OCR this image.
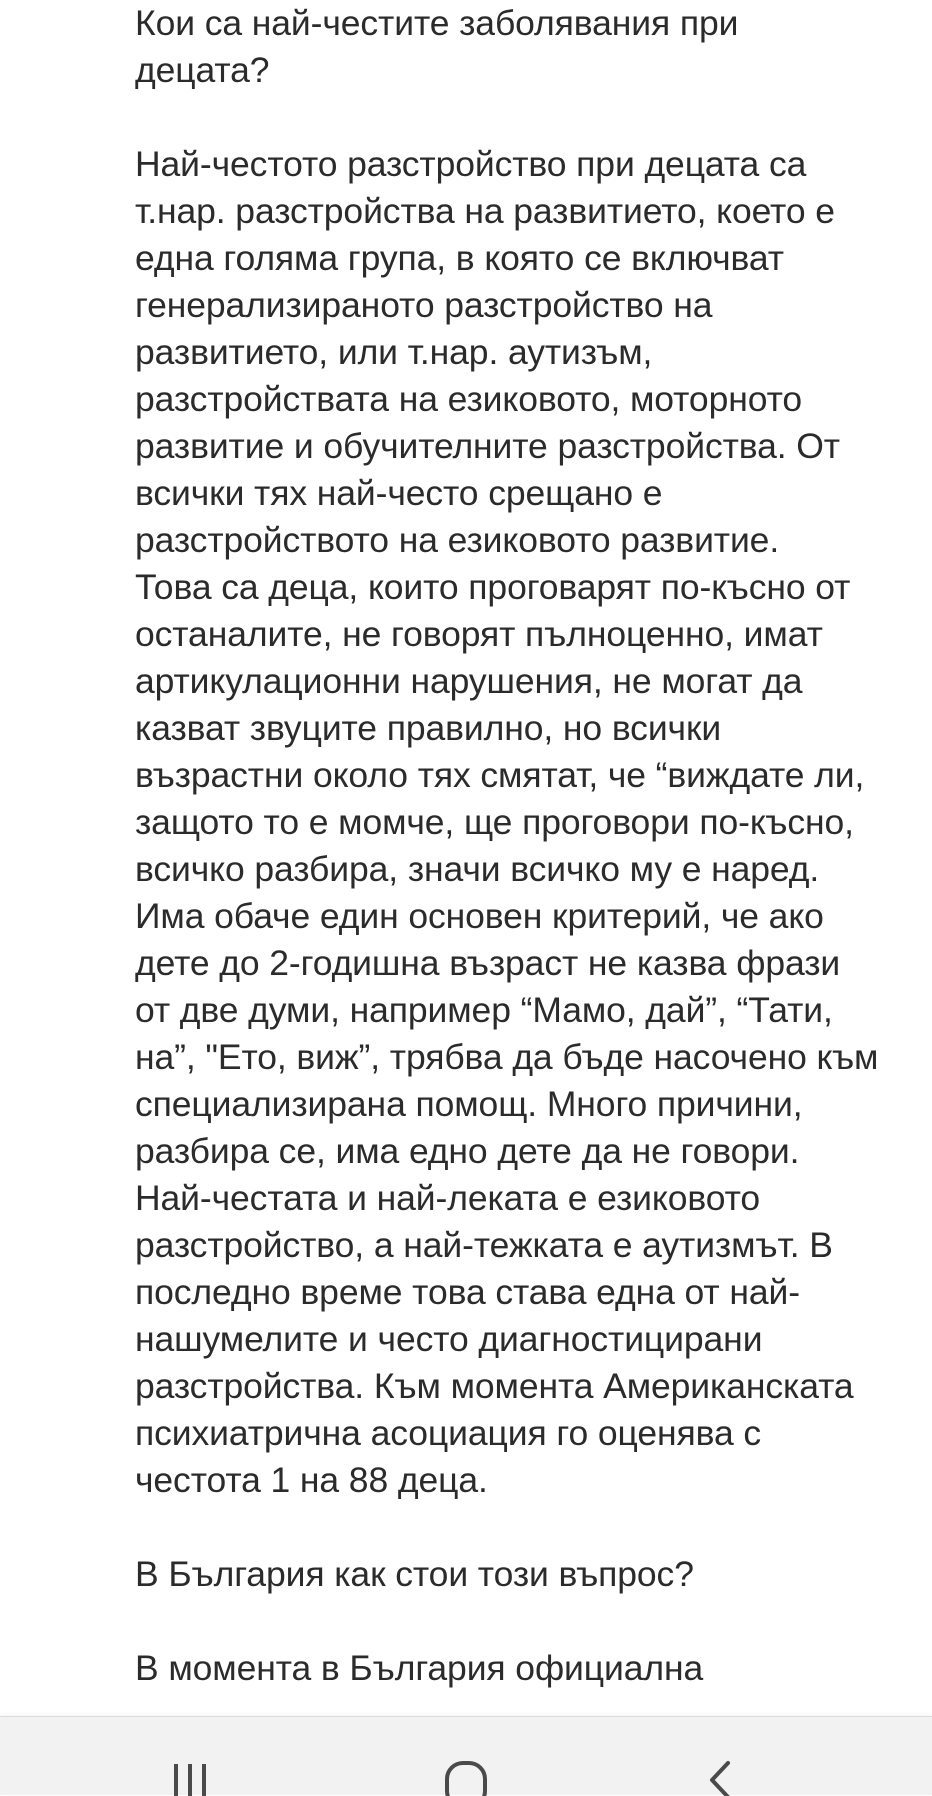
Кои са най-честите заболявания при
децата?
Най-честото разстройство при децата са
т.нар. разстройства на развитието, което е
една голяма група, в която се включват
генерализираното разстройство на
развитието, или т.нар. аутизъм,
разстройствата на езиковото, моторното
развитие и обучителните разстройства. От
всички тях най-често срещано е
разстройството на езиковото развитие.
Това са деца, които проговарят по-късно от
останалите, не говорят пълноценно, имат
артикулационни нарушения, не могат да
казват звуците правилно, но всички
възрастни около тях смятат, че “виждате ли,
защото то е момче, ще проговори по-късно,
всичко разбира, значи всичко му е наред.
Има обаче един основен критерий, че ако
дете до 2-годишна възраст не казва фрази
от две думи, например “Мамо, дай”, “Тати,
на”, "Ето, виж”, трябва да бъде насочено към
специализирана помощ. Много причини,
разбира се, има едно дете да не говори.
Най-честата и най-леката е езиковото
разстройство, а най-тежката е аутизмът. В
последно време това става една от най-
нашумелите и често диагностицирани
разстройства. Към момента Американската
психиатрична асоциация го оценява с
честота 1 на 88 деца.
В България как стои този въпрос?
В момента в България официална
